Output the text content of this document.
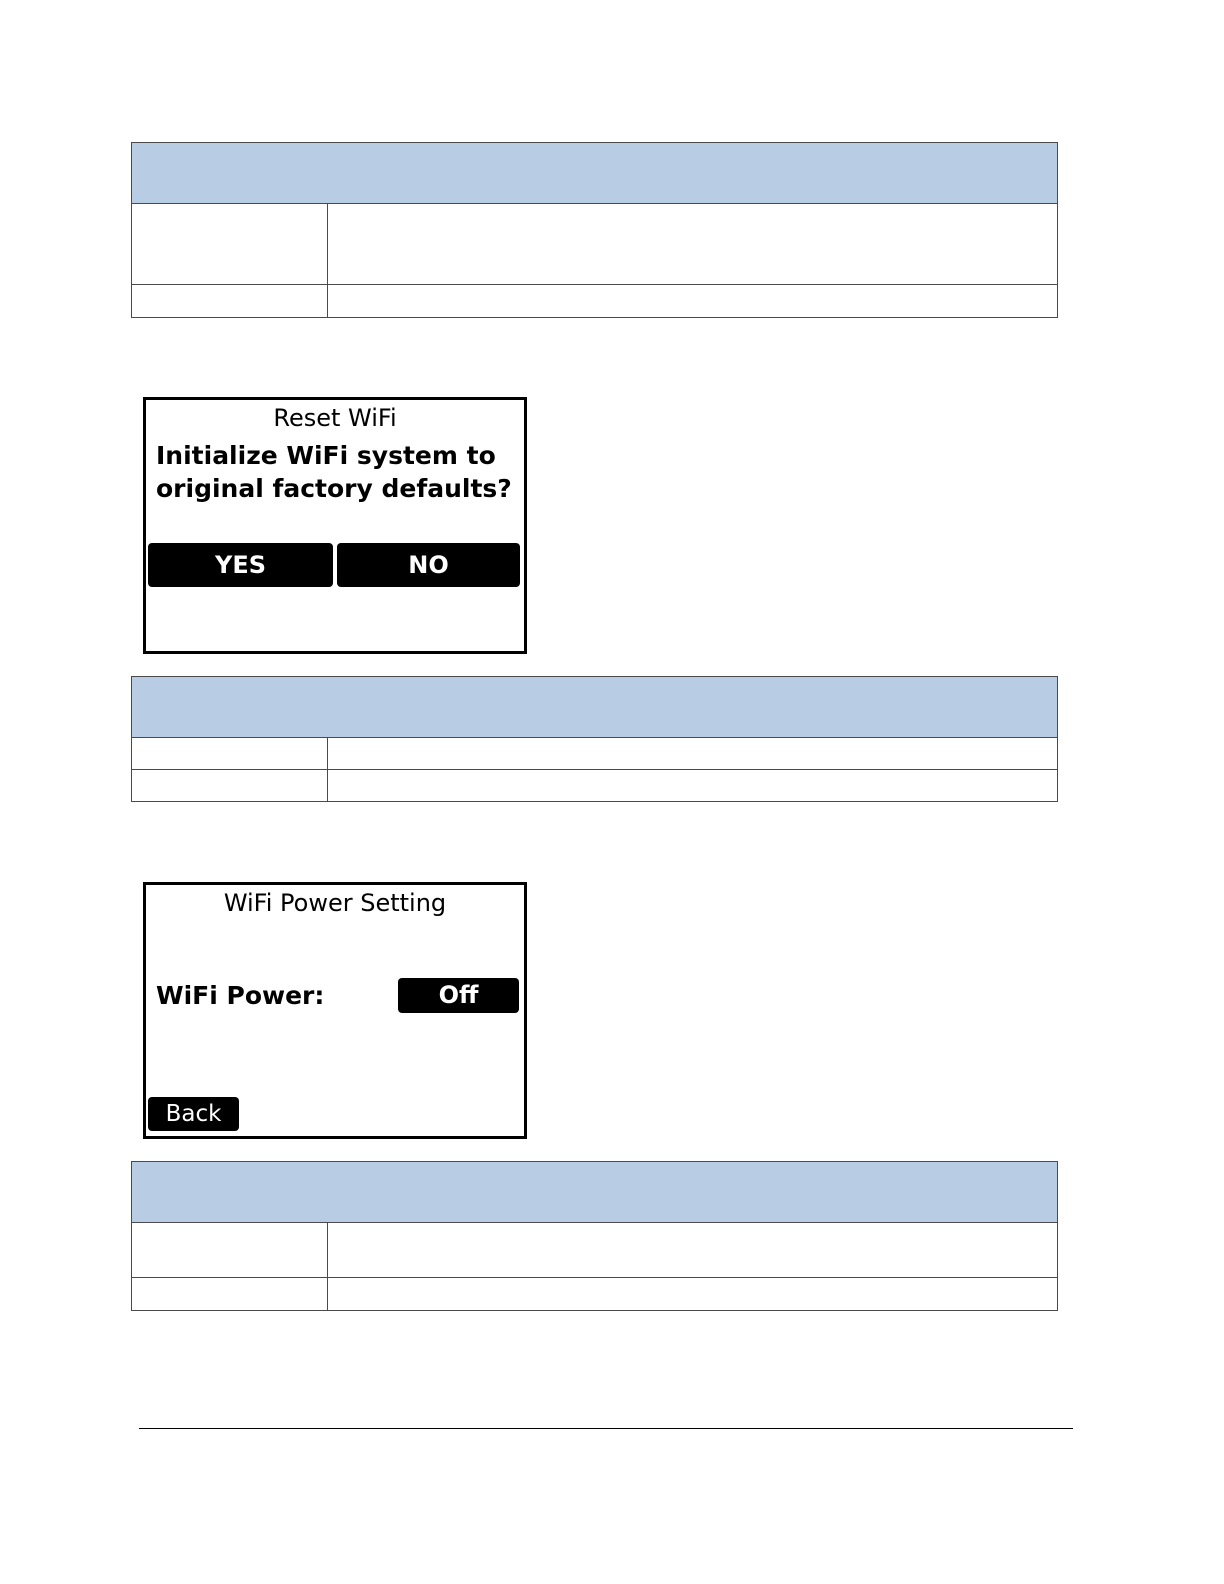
Reset WiFi
Initialize WiFi system to
original factory defaults?
YES	NO

WiFi Power Setting
WiFi Power:	Off
Back
